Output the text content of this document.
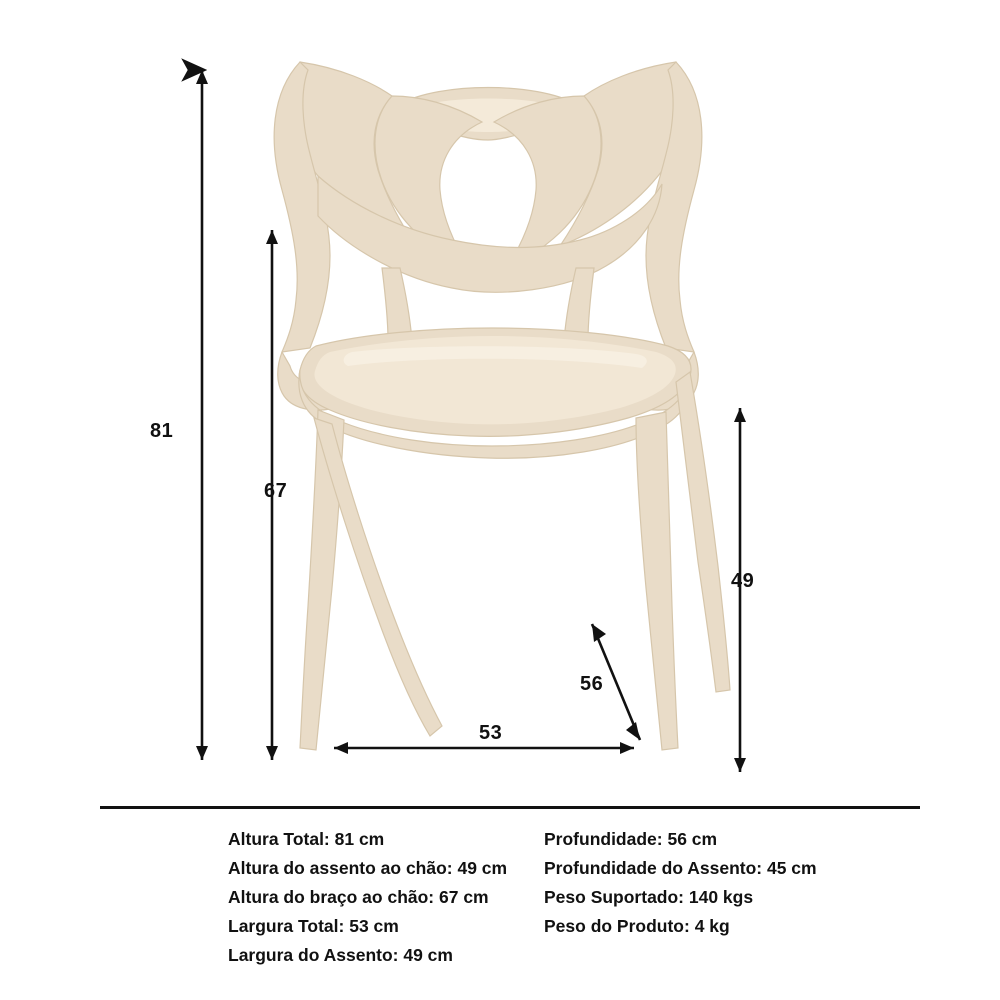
81
67
49
56
53
Altura Total: 81 cm
Altura do assento ao chão: 49 cm
Altura do braço ao chão: 67 cm
Largura Total: 53 cm
Largura do Assento: 49 cm
Profundidade: 56 cm
Profundidade do Assento: 45 cm
Peso Suportado: 140 kgs
Peso do Produto: 4 kg
